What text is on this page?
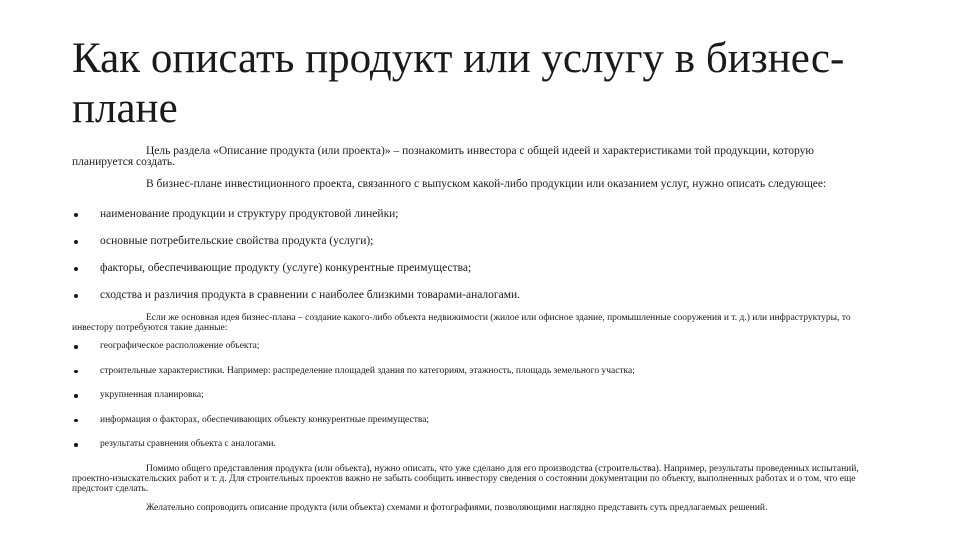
Как описать продукт или услугу в бизнес-плане

Цель раздела «Описание продукта (или проекта)» – познакомить инвестора с общей идеей и характеристиками той продукции, которую планируется создать.

В бизнес-плане инвестиционного проекта, связанного с выпуском какой-либо продукции или оказанием услуг, нужно описать следующее:

наименование продукции и структуру продуктовой линейки;
основные потребительские свойства продукта (услуги);
факторы, обеспечивающие продукту (услуге) конкурентные преимущества;
сходства и различия продукта в сравнении с наиболее близкими товарами-аналогами.

Если же основная идея бизнес-плана – создание какого-либо объекта недвижимости (жилое или офисное здание, промышленные сооружения и т. д.) или инфраструктуры, то инвестору потребуются такие данные:

географическое расположение объекта;
строительные характеристики. Например: распределение площадей здания по категориям, этажность, площадь земельного участка;
укрупненная планировка;
информация о факторах, обеспечивающих объекту конкурентные преимущества;
результаты сравнения объекта с аналогами.

Помимо общего представления продукта (или объекта), нужно описать, что уже сделано для его производства (строительства). Например, результаты проведенных испытаний, проектно-изыскательских работ и т. д. Для строительных проектов важно не забыть сообщить инвестору сведения о состоянии документации по объекту, выполненных работах и о том, что еще предстоит сделать.

Желательно сопроводить описание продукта (или объекта) схемами и фотографиями, позволяющими наглядно представить суть предлагаемых решений.
